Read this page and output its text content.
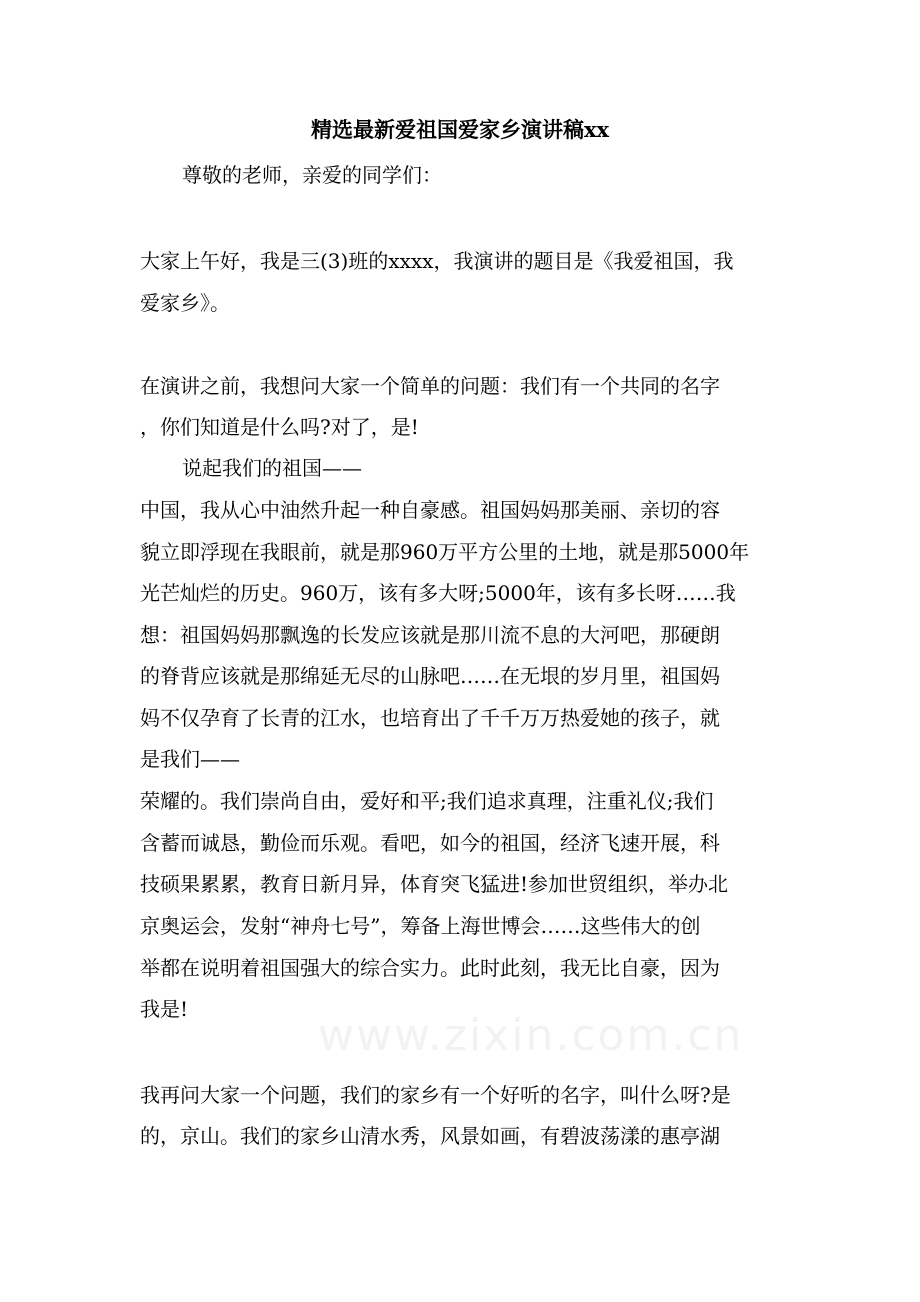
www.zixin.com.cn
精选最新爱祖国爱家乡演讲稿xx
尊敬的老师，亲爱的同学们：
大家上午好，我是三(3)班的xxxx，我演讲的题目是《我爱祖国，我
爱家乡》。
在演讲之前，我想问大家一个简单的问题：我们有一个共同的名字
，你们知道是什么吗?对了，是!
说起我们的祖国——
中国，我从心中油然升起一种自豪感。祖国妈妈那美丽、亲切的容
貌立即浮现在我眼前，就是那960万平方公里的土地，就是那5000年
光芒灿烂的历史。960万，该有多大呀;5000年，该有多长呀……我
想：祖国妈妈那飘逸的长发应该就是那川流不息的大河吧，那硬朗
的脊背应该就是那绵延无尽的山脉吧……在无垠的岁月里，祖国妈
妈不仅孕育了长青的江水，也培育出了千千万万热爱她的孩子，就
是我们——
荣耀的。我们崇尚自由，爱好和平;我们追求真理，注重礼仪;我们
含蓄而诚恳，勤俭而乐观。看吧，如今的祖国，经济飞速开展，科
技硕果累累，教育日新月异，体育突飞猛进!参加世贸组织，举办北
京奥运会，发射“神舟七号”，筹备上海世博会……这些伟大的创
举都在说明着祖国强大的综合实力。此时此刻，我无比自豪，因为
我是!
我再问大家一个问题，我们的家乡有一个好听的名字，叫什么呀?是
的，京山。我们的家乡山清水秀，风景如画，有碧波荡漾的惠亭湖
